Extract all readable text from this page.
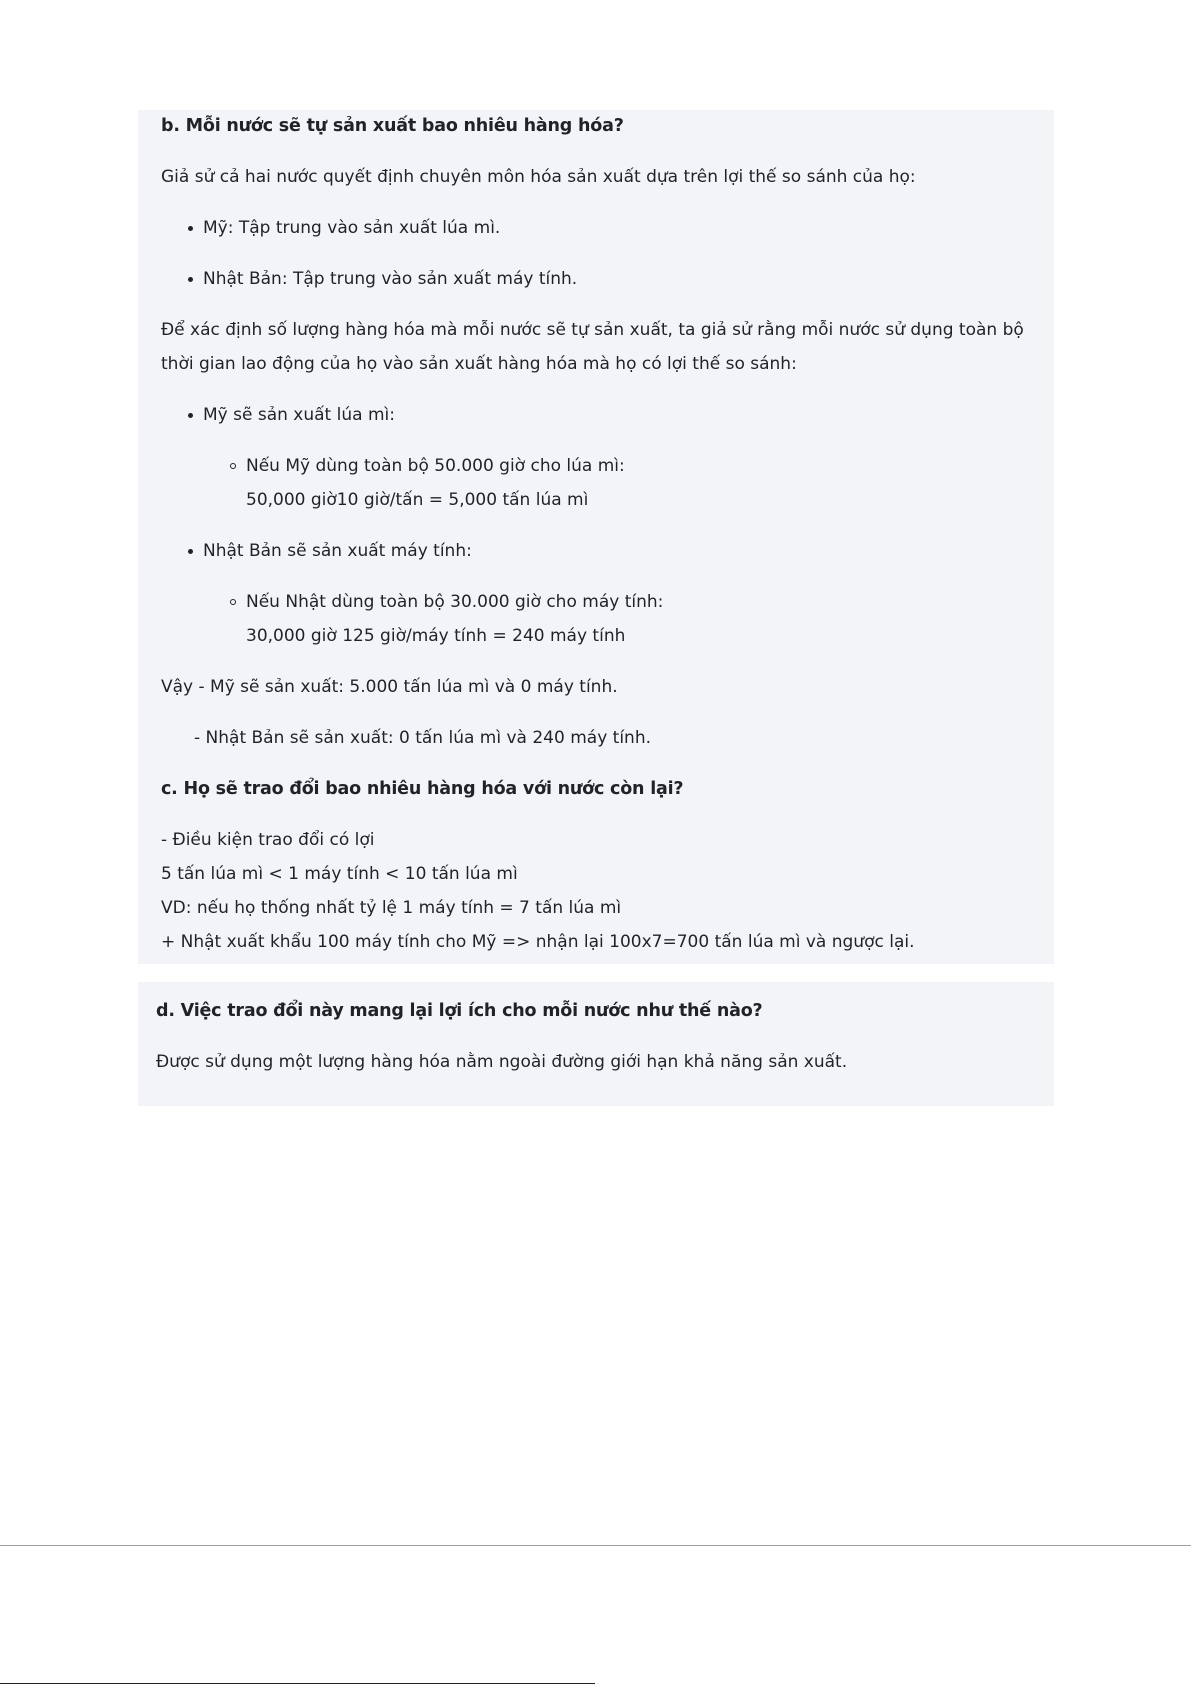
b. Mỗi nước sẽ tự sản xuất bao nhiêu hàng hóa?
Giả sử cả hai nước quyết định chuyên môn hóa sản xuất dựa trên lợi thế so sánh của họ:
Mỹ: Tập trung vào sản xuất lúa mì.
Nhật Bản: Tập trung vào sản xuất máy tính.
Để xác định số lượng hàng hóa mà mỗi nước sẽ tự sản xuất, ta giả sử rằng mỗi nước sử dụng toàn bộ
thời gian lao động của họ vào sản xuất hàng hóa mà họ có lợi thế so sánh:
Mỹ sẽ sản xuất lúa mì:
Nếu Mỹ dùng toàn bộ 50.000 giờ cho lúa mì:
50,000 giờ10 giờ/tấn = 5,000 tấn lúa mì
Nhật Bản sẽ sản xuất máy tính:
Nếu Nhật dùng toàn bộ 30.000 giờ cho máy tính:
30,000 giờ 125 giờ/máy tính = 240 máy tính
Vậy - Mỹ sẽ sản xuất: 5.000 tấn lúa mì và 0 máy tính.
- Nhật Bản sẽ sản xuất: 0 tấn lúa mì và 240 máy tính.
c. Họ sẽ trao đổi bao nhiêu hàng hóa với nước còn lại?
- Điều kiện trao đổi có lợi
5 tấn lúa mì < 1 máy tính < 10 tấn lúa mì
VD: nếu họ thống nhất tỷ lệ 1 máy tính = 7 tấn lúa mì
+ Nhật xuất khẩu 100 máy tính cho Mỹ => nhận lại 100x7=700 tấn lúa mì và ngược lại.
d. Việc trao đổi này mang lại lợi ích cho mỗi nước như thế nào?
Được sử dụng một lượng hàng hóa nằm ngoài đường giới hạn khả năng sản xuất.
